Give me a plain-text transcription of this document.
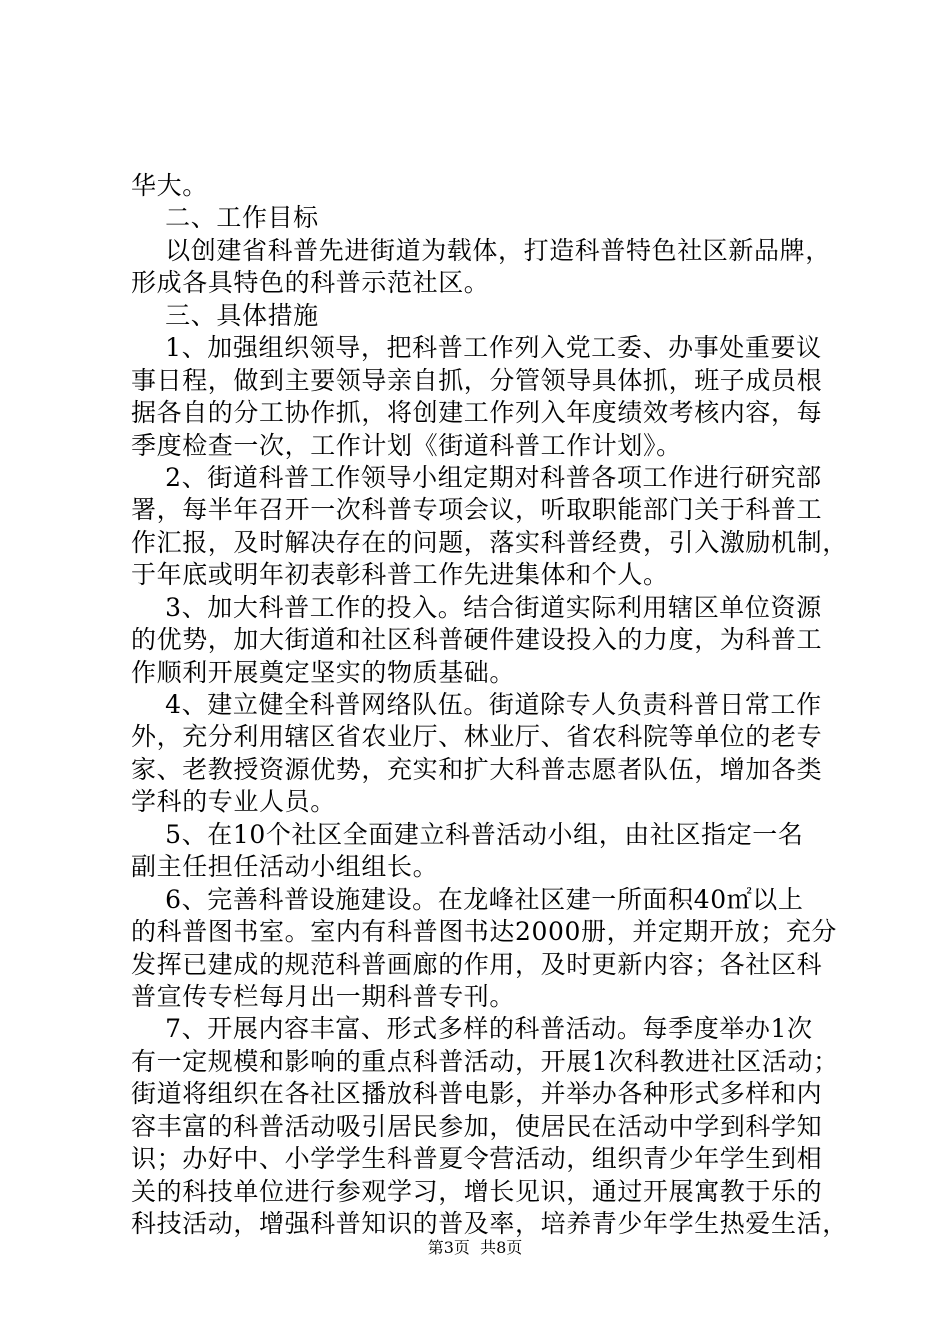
华大。
二、工作目标
以创建省科普先进街道为载体，打造科普特色社区新品牌，
形成各具特色的科普示范社区。
三、具体措施
1、加强组织领导，把科普工作列入党工委、办事处重要议
事日程，做到主要领导亲自抓，分管领导具体抓，班子成员根
据各自的分工协作抓，将创建工作列入年度绩效考核内容，每
季度检查一次，工作计划《街道科普工作计划》。
2、街道科普工作领导小组定期对科普各项工作进行研究部
署，每半年召开一次科普专项会议，听取职能部门关于科普工
作汇报，及时解决存在的问题，落实科普经费，引入激励机制，
于年底或明年初表彰科普工作先进集体和个人。
3、加大科普工作的投入。结合街道实际利用辖区单位资源
的优势，加大街道和社区科普硬件建设投入的力度，为科普工
作顺利开展奠定坚实的物质基础。
4、建立健全科普网络队伍。街道除专人负责科普日常工作
外，充分利用辖区省农业厅、林业厅、省农科院等单位的老专
家、老教授资源优势，充实和扩大科普志愿者队伍，增加各类
学科的专业人员。
5、在10个社区全面建立科普活动小组，由社区指定一名
副主任担任活动小组组长。
6、完善科普设施建设。在龙峰社区建一所面积40㎡以上
的科普图书室。室内有科普图书达2000册，并定期开放；充分
发挥已建成的规范科普画廊的作用，及时更新内容；各社区科
普宣传专栏每月出一期科普专刊。
7、开展内容丰富、形式多样的科普活动。每季度举办1次
有一定规模和影响的重点科普活动，开展1次科教进社区活动；
街道将组织在各社区播放科普电影，并举办各种形式多样和内
容丰富的科普活动吸引居民参加，使居民在活动中学到科学知
识；办好中、小学学生科普夏令营活动，组织青少年学生到相
关的科技单位进行参观学习，增长见识，通过开展寓教于乐的
科技活动，增强科普知识的普及率，培养青少年学生热爱生活，
第3页  共8页
